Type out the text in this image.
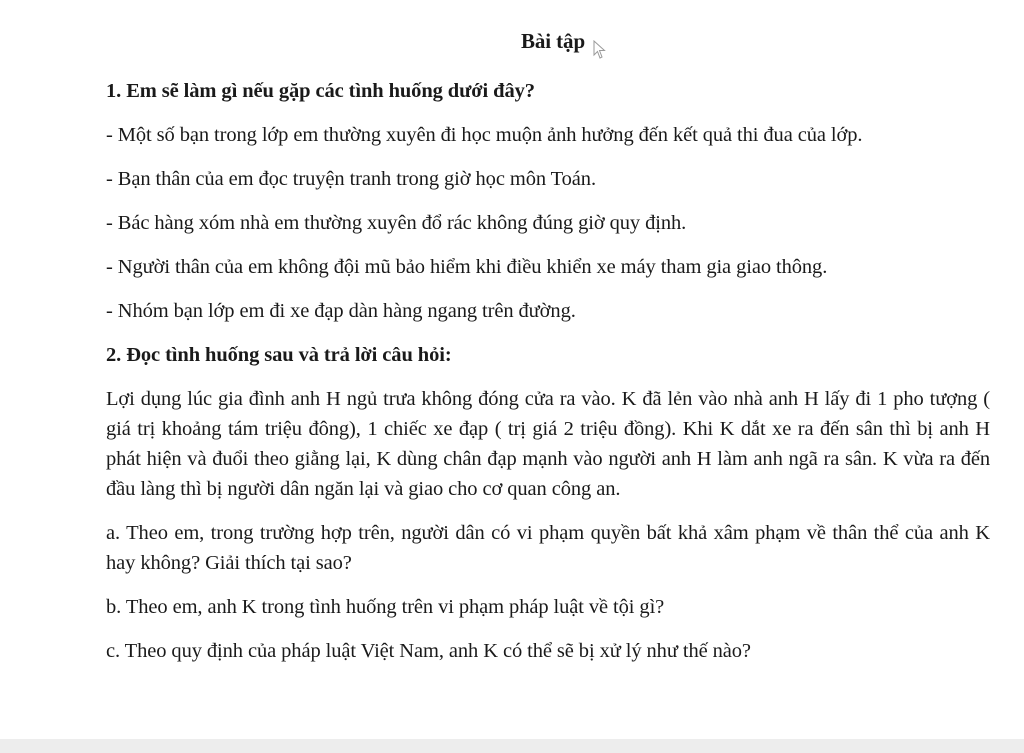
Bài tập
1. Em sẽ làm gì nếu gặp các tình huống dưới đây?
- Một số bạn trong lớp em thường xuyên đi học muộn ảnh hưởng đến kết quả thi đua của lớp.
- Bạn thân của em đọc truyện tranh trong giờ học môn Toán.
- Bác hàng xóm nhà em thường xuyên đổ rác không đúng giờ quy định.
- Người thân của em không đội mũ bảo hiểm khi điều khiển xe máy tham gia giao thông.
- Nhóm bạn lớp em đi xe đạp dàn hàng ngang trên đường.
2. Đọc tình huống sau và trả lời câu hỏi:
Lợi dụng lúc gia đình anh H ngủ trưa không đóng cửa ra vào. K đã lẻn vào nhà anh H lấy đi 1 pho tượng ( giá trị khoảng tám triệu đông), 1 chiếc xe đạp ( trị giá 2 triệu đồng). Khi K dắt xe ra đến sân thì bị anh H phát hiện và đuổi theo giằng lại, K dùng chân đạp mạnh vào người anh H làm anh ngã ra sân. K vừa ra đến đầu làng thì bị người dân ngăn lại và giao cho cơ quan công an.
a. Theo em, trong trường hợp trên, người dân có vi phạm quyền bất khả xâm phạm về thân thể của anh K hay không? Giải thích tại sao?
b. Theo em, anh K trong tình huống trên vi phạm pháp luật về tội gì?
c. Theo quy định của pháp luật Việt Nam, anh K có thể sẽ bị xử lý như thế nào?
